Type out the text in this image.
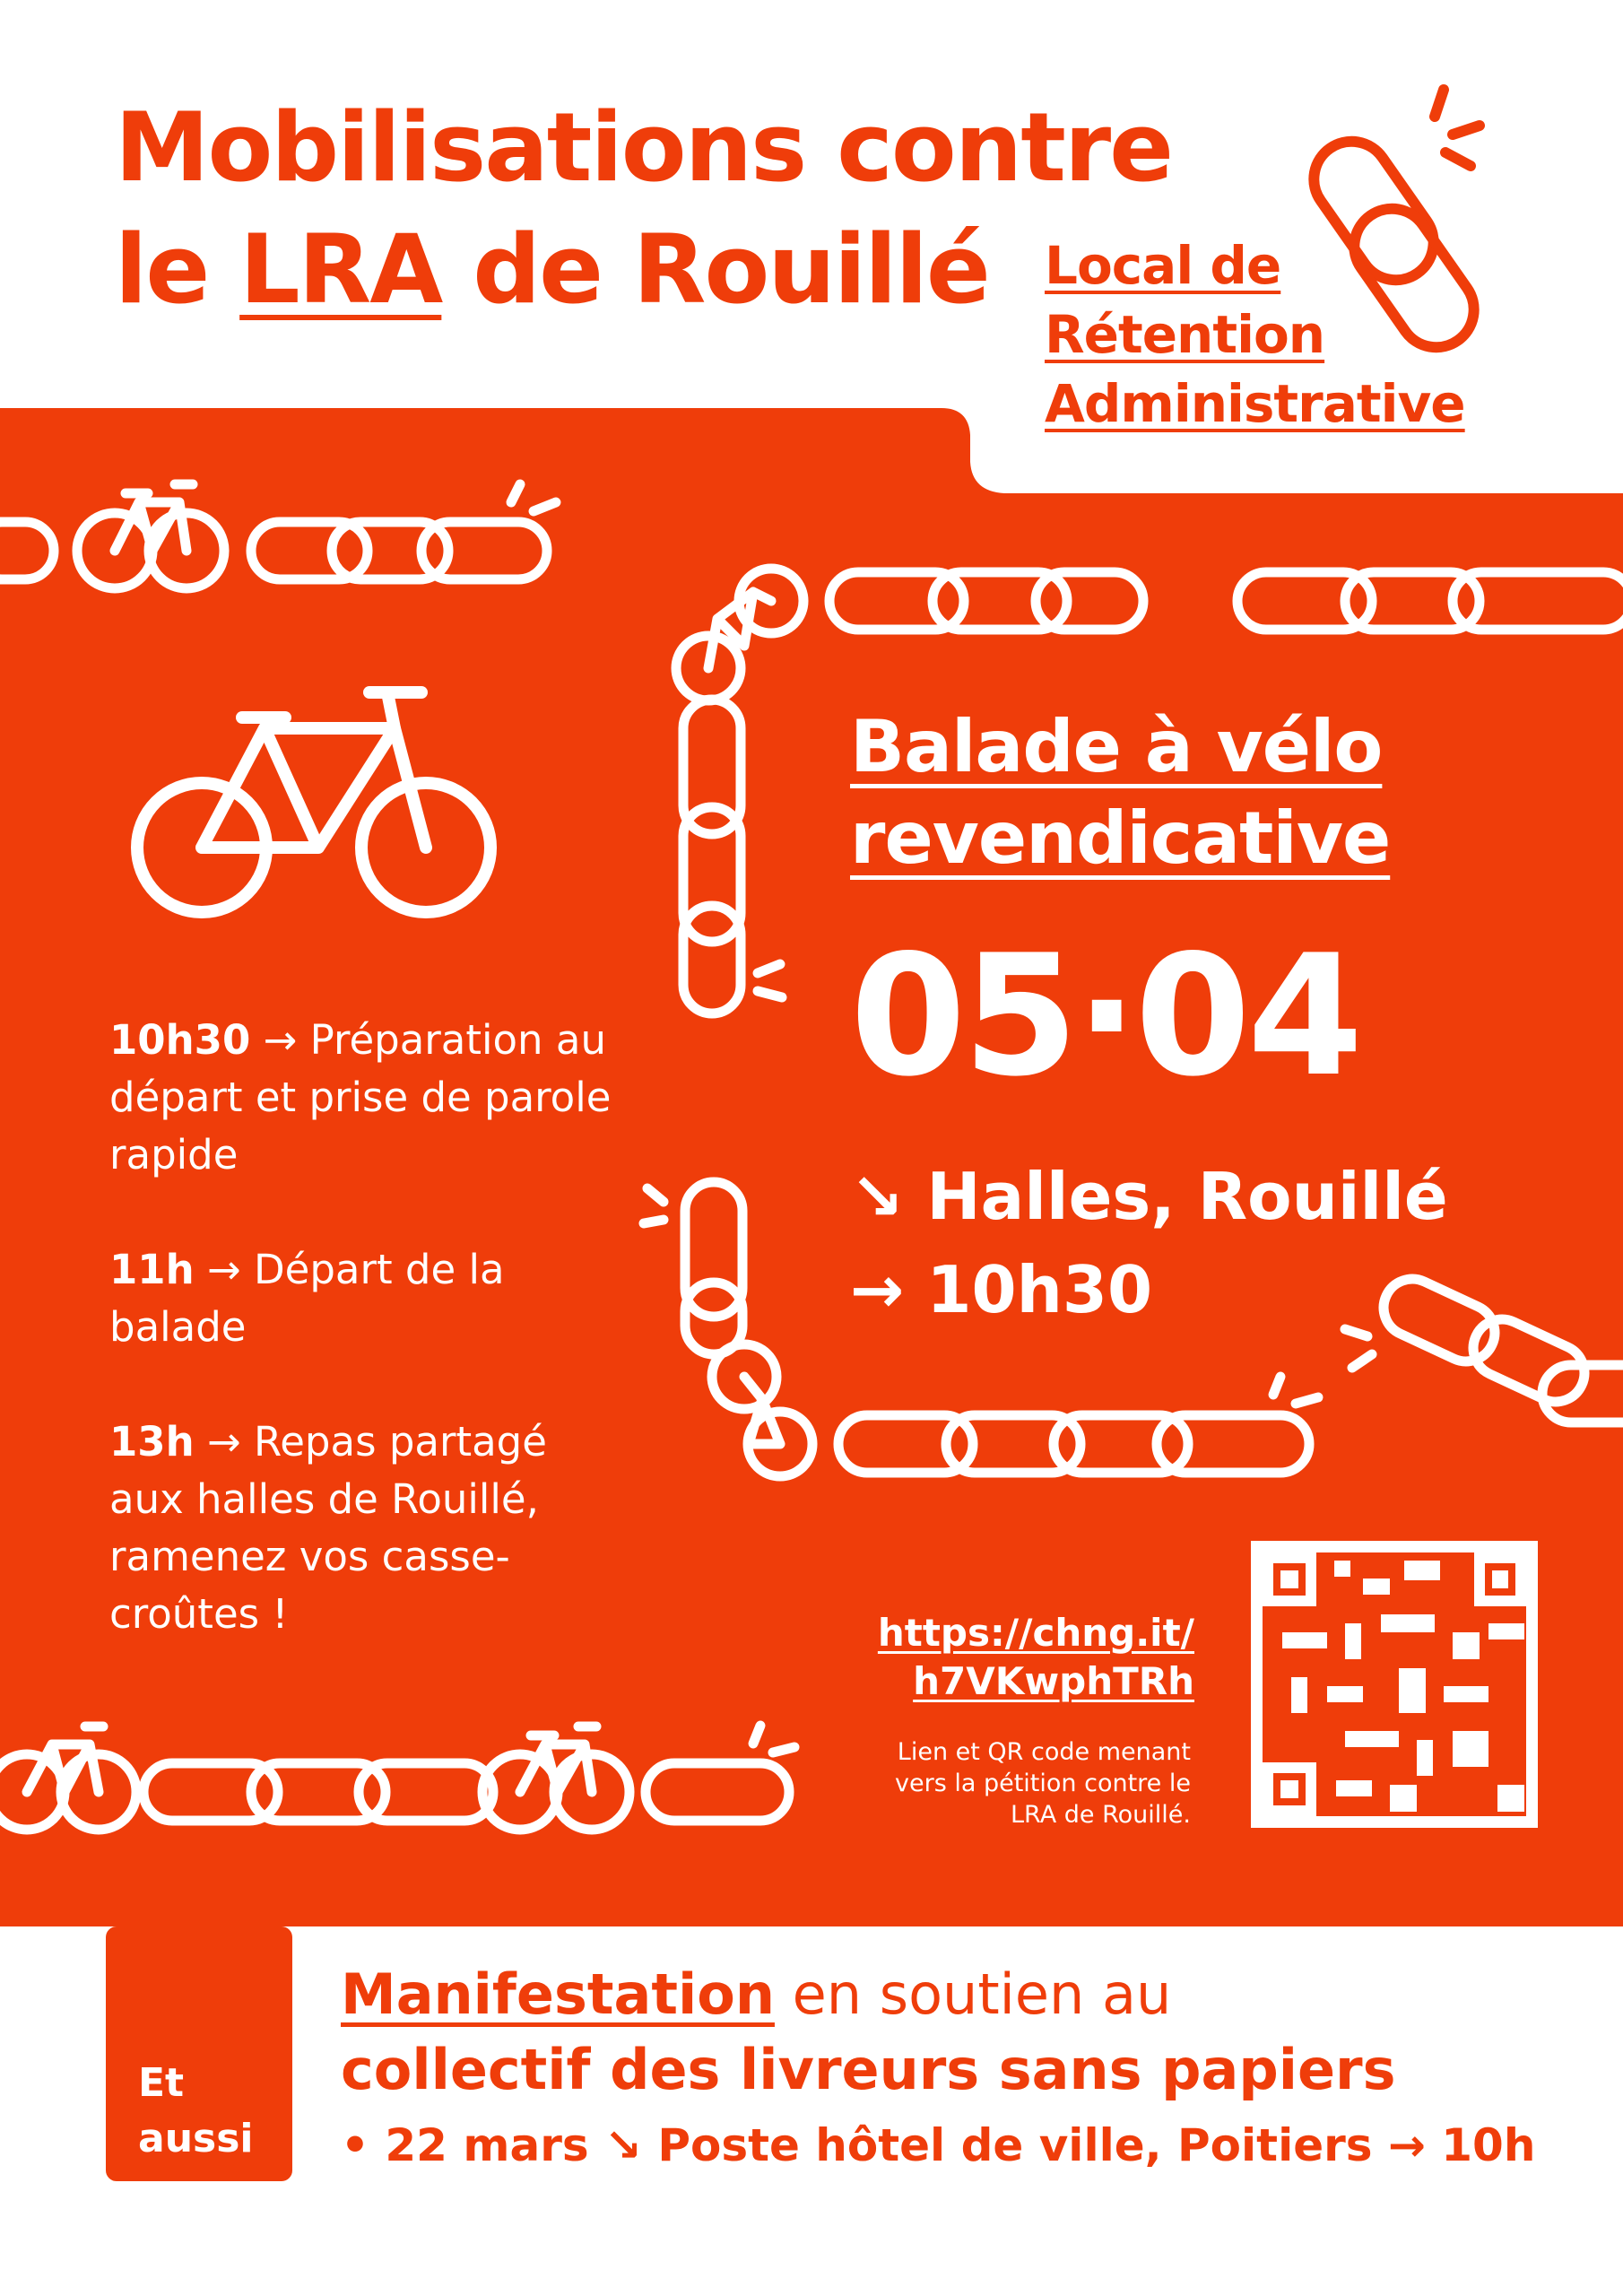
Mobilisations contre
le LRA de Rouillé	Local de
Rétention
Administrative

10h30 → Préparation au départ et prise de parole rapide

11h → Départ de la balade

13h → Repas partagé aux halles de Rouillé, ramenez vos casse-croûtes !

Balade à vélo
revendicative
05·04
↘ Halles, Rouillé
→ 10h30
https://chng.it/
h7VKwphTRh
Lien et QR code menant
vers la pétition contre le
LRA de Rouillé.
Et
aussi
Manifestation en soutien au
collectif des livreurs sans papiers
• 22 mars ↘ Poste hôtel de ville, Poitiers → 10h
